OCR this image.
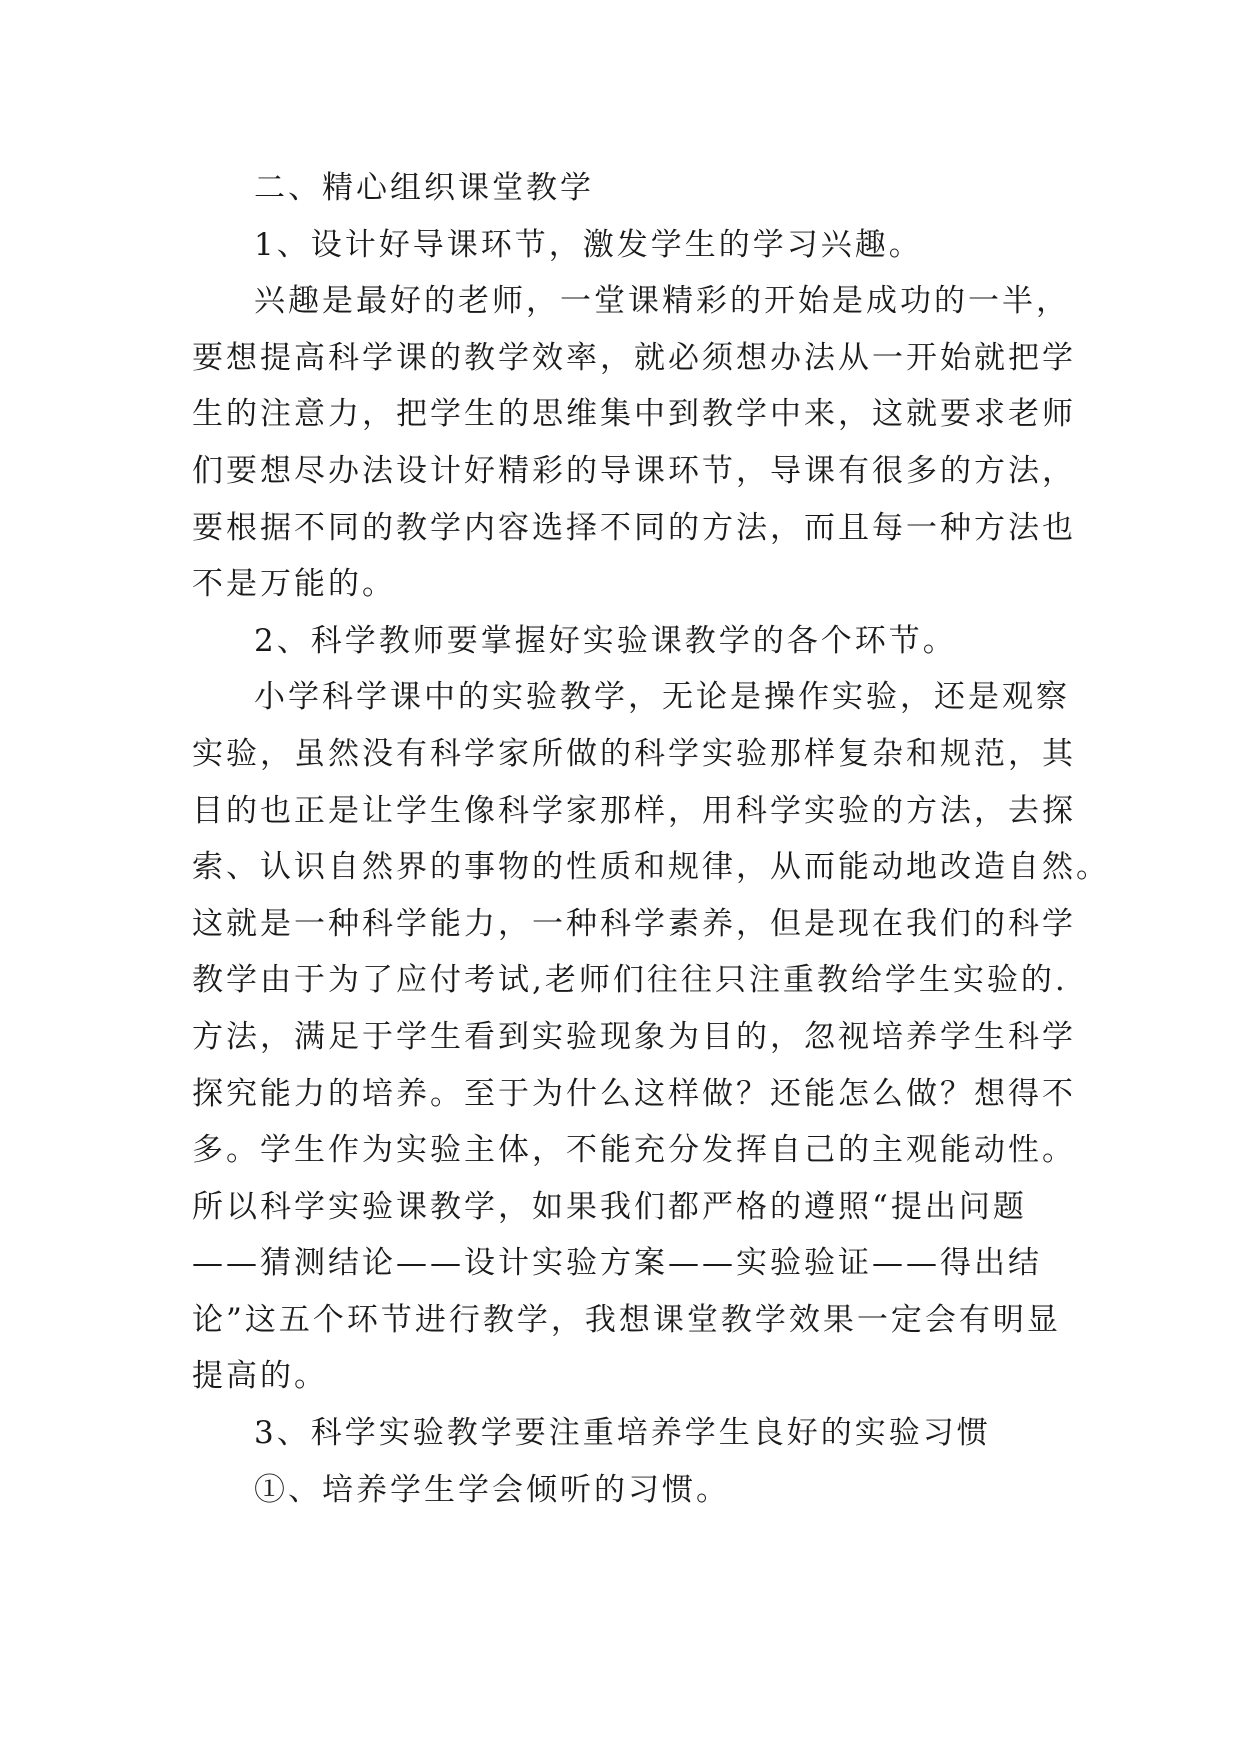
二、精心组织课堂教学
1、设计好导课环节，激发学生的学习兴趣。
兴趣是最好的老师，一堂课精彩的开始是成功的一半，
要想提高科学课的教学效率，就必须想办法从一开始就把学
生的注意力，把学生的思维集中到教学中来，这就要求老师
们要想尽办法设计好精彩的导课环节，导课有很多的方法，
要根据不同的教学内容选择不同的方法，而且每一种方法也
不是万能的。
2、科学教师要掌握好实验课教学的各个环节。
小学科学课中的实验教学，无论是操作实验，还是观察
实验，虽然没有科学家所做的科学实验那样复杂和规范，其
目的也正是让学生像科学家那样，用科学实验的方法，去探
索、认识自然界的事物的性质和规律，从而能动地改造自然。
这就是一种科学能力，一种科学素养，但是现在我们的科学
教学由于为了应付考试,老师们往往只注重教给学生实验的.
方法，满足于学生看到实验现象为目的，忽视培养学生科学
探究能力的培养。至于为什么这样做？还能怎么做？想得不
多。学生作为实验主体，不能充分发挥自己的主观能动性。
所以科学实验课教学，如果我们都严格的遵照“提出问题
——猜测结论——设计实验方案——实验验证——得出结
论”这五个环节进行教学，我想课堂教学效果一定会有明显
提高的。
3、科学实验教学要注重培养学生良好的实验习惯
①、培养学生学会倾听的习惯。
